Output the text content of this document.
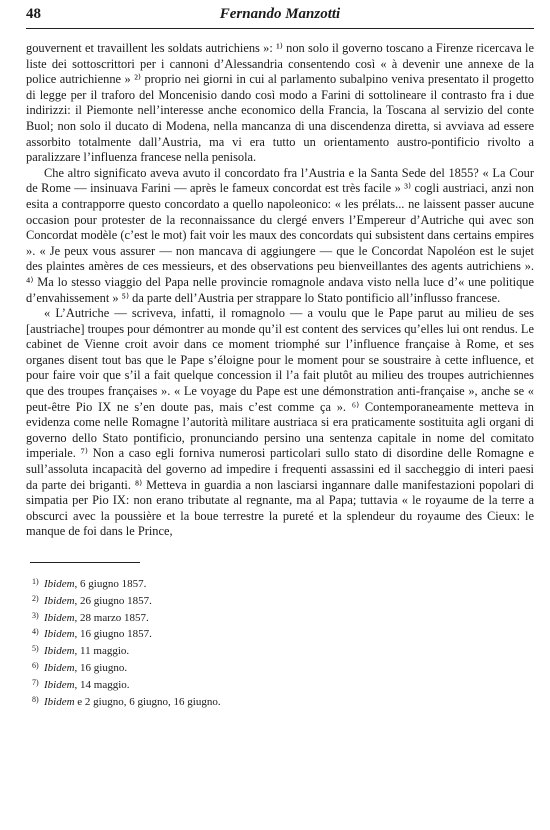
48	Fernando Manzotti

gouvernent et travaillent les soldats autrichiens »: ¹⁾ non solo il governo toscano a Firenze ricercava le liste dei sottoscrittori per i cannoni d’Alessandria consentendo così « à devenir une annexe de la police autrichienne » ²⁾ proprio nei giorni in cui al parlamento subalpino veniva presentato il progetto di legge per il traforo del Moncenisio dando così modo a Farini di sottolineare il contrasto fra i due indirizzi: il Piemonte nell’interesse anche economico della Francia, la Toscana al servizio del conte Buol; non solo il ducato di Modena, nella mancanza di una discendenza diretta, si avviava ad essere assorbito totalmente dall’Austria, ma vi era tutto un orientamento austro-pontificio rivolto a paralizzare l’influenza francese nella penisola.

Che altro significato aveva avuto il concordato fra l’Austria e la Santa Sede del 1855? « La Cour de Rome — insinuava Farini — après le fameux concordat est très facile » ³⁾ cogli austriaci, anzi non esita a contrapporre questo concordato a quello napoleonico: « les prélats... ne laissent passer aucune occasion pour protester de la reconnaissance du clergé envers l’Empereur d’Autriche qui avec son Concordat modèle (c’est le mot) fait voir les maux des concordats qui subsistent dans certains empires ». « Je peux vous assurer — non mancava di aggiungere — que le Concordat Napoléon est le sujet des plaintes amères de ces messieurs, et des observations peu bienveillantes des agents autrichiens ». ⁴⁾ Ma lo stesso viaggio del Papa nelle provincie romagnole andava visto nella luce d’« une politique d’envahissement » ⁵⁾ da parte dell’Austria per strappare lo Stato pontificio all’influsso francese.

« L’Autriche — scriveva, infatti, il romagnolo — a voulu que le Pape parut au milieu de ses [austriache] troupes pour démontrer au monde qu’il est content des services qu’elles lui ont rendus. Le cabinet de Vienne croit avoir dans ce moment triomphé sur l’influence française à Rome, et ses organes disent tout bas que le Pape s’éloigne pour le moment pour se soustraire à cette influence, et pour faire voir que s’il a fait quelque concession il l’a fait plutôt au milieu des troupes autrichiennes que des troupes françaises ». « Le voyage du Pape est une démonstration anti-française », anche se « peut-être Pio IX ne s’en doute pas, mais c’est comme ça ». ⁶⁾ Contemporaneamente metteva in evidenza come nelle Romagne l’autorità militare austriaca si era praticamente sostituita agli organi di governo dello Stato pontificio, pronunciando persino una sentenza capitale in nome del comitato imperiale. ⁷⁾ Non a caso egli forniva numerosi particolari sullo stato di disordine delle Romagne e sull’assoluta incapacità del governo ad impedire i frequenti assassini ed il saccheggio di interi paesi da parte dei briganti. ⁸⁾ Metteva in guardia a non lasciarsi ingannare dalle manifestazioni popolari di simpatia per Pio IX: non erano tributate al regnante, ma al Papa; tuttavia « le royaume de la terre a obscurci avec la poussière et la boue terrestre la pureté et la splendeur du royaume des Cieux: le manque de foi dans le Prince,

1) Ibidem, 6 giugno 1857.
2) Ibidem, 26 giugno 1857.
3) Ibidem, 28 marzo 1857.
4) Ibidem, 16 giugno 1857.
5) Ibidem, 11 maggio.
6) Ibidem, 16 giugno.
7) Ibidem, 14 maggio.
8) Ibidem e 2 giugno, 6 giugno, 16 giugno.
